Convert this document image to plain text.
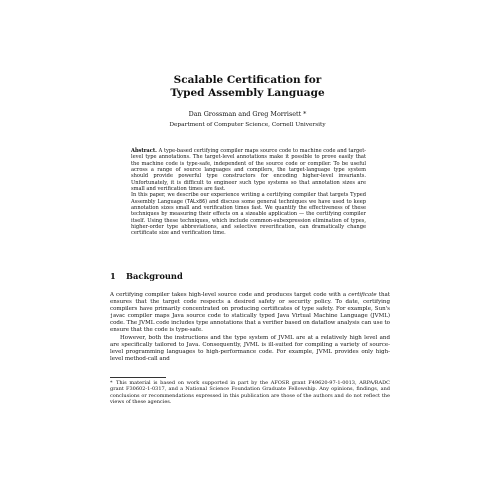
Scalable Certification for
Typed Assembly Language
Dan Grossman and Greg Morrisett *
Department of Computer Science, Cornell University

Abstract. A type-based certifying compiler maps source code to machine code and target-level type annotations. The target-level annotations make it possible to prove easily that the machine code is type-safe, independent of the source code or compiler. To be useful across a range of source languages and compilers, the target-language type system should provide powerful type constructors for encoding higher-level invariants. Unfortunately, it is difficult to engineer such type systems so that annotation sizes are small and verification times are fast.

In this paper, we describe our experience writing a certifying compiler that targets Typed Assembly Language (TALx86) and discuss some general techniques we have used to keep annotation sizes small and verification times fast. We quantify the effectiveness of these techniques by measuring their effects on a sizeable application — the certifying compiler itself. Using these techniques, which include common-subexpression elimination of types, higher-order type abbreviations, and selective reverification, can dramatically change certificate size and verification time.

1 Background

A certifying compiler takes high-level source code and produces target code with a certificate that ensures that the target code respects a desired safety or security policy. To date, certifying compilers have primarily concentrated on producing certificates of type safety. For example, Sun's javac compiler maps Java source code to statically typed Java Virtual Machine Language (JVML) code. The JVML code includes type annotations that a verifier based on dataflow analysis can use to ensure that the code is type-safe.

However, both the instructions and the type system of JVML are at a relatively high level and are specifically tailored to Java. Consequently, JVML is ill-suited for compiling a variety of source-level programming languages to high-performance code. For example, JVML provides only high-level method-call and

* This material is based on work supported in part by the AFOSR grant F49620-97-1-0013, ARPA/RADC grant F30602-1-0317, and a National Science Foundation Graduate Fellowship. Any opinions, findings, and conclusions or recommendations expressed in this publication are those of the authors and do not reflect the views of these agencies.
